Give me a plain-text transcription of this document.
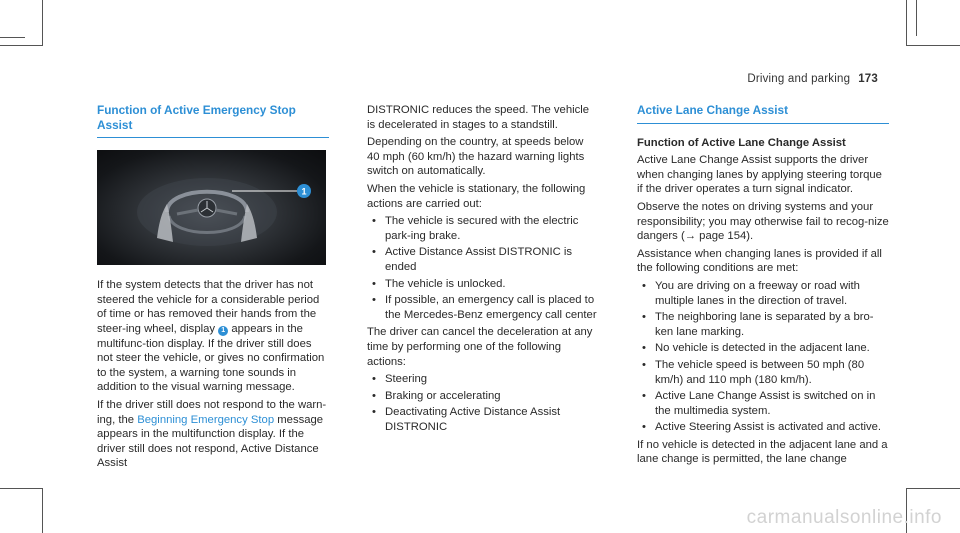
Driving and parking 173
Function of Active Emergency Stop Assist
1

If the system detects that the driver has not steered the vehicle for a considerable period of time or has removed their hands from the steer-ing wheel, display 1 appears in the multifunc-tion display. If the driver still does not steer the vehicle, or gives no confirmation to the system, a warning tone sounds in addition to the visual warning message.

If the driver still does not respond to the warn-ing, the Beginning Emergency Stop message appears in the multifunction display. If the driver still does not respond, Active Distance Assist

DISTRONIC reduces the speed. The vehicle is decelerated in stages to a standstill.

Depending on the country, at speeds below 40 mph (60 km/h) the hazard warning lights switch on automatically.

When the vehicle is stationary, the following actions are carried out:

• The vehicle is secured with the electric park-ing brake.
• Active Distance Assist DISTRONIC is ended
• The vehicle is unlocked.
• If possible, an emergency call is placed to the Mercedes-Benz emergency call center

The driver can cancel the deceleration at any time by performing one of the following actions:

• Steering
• Braking or accelerating
• Deactivating Active Distance Assist DISTRONIC
Active Lane Change Assist

Function of Active Lane Change Assist

Active Lane Change Assist supports the driver when changing lanes by applying steering torque if the driver operates a turn signal indicator.

Observe the notes on driving systems and your responsibility; you may otherwise fail to recog-nize dangers (→ page 154).

Assistance when changing lanes is provided if all the following conditions are met:

• You are driving on a freeway or road with multiple lanes in the direction of travel.
• The neighboring lane is separated by a bro-ken lane marking.
• No vehicle is detected in the adjacent lane.
• The vehicle speed is between 50 mph (80 km/h) and 110 mph (180 km/h).
• Active Lane Change Assist is switched on in the multimedia system.
• Active Steering Assist is activated and active.

If no vehicle is detected in the adjacent lane and a lane change is permitted, the lane change

carmanualsonline.info
